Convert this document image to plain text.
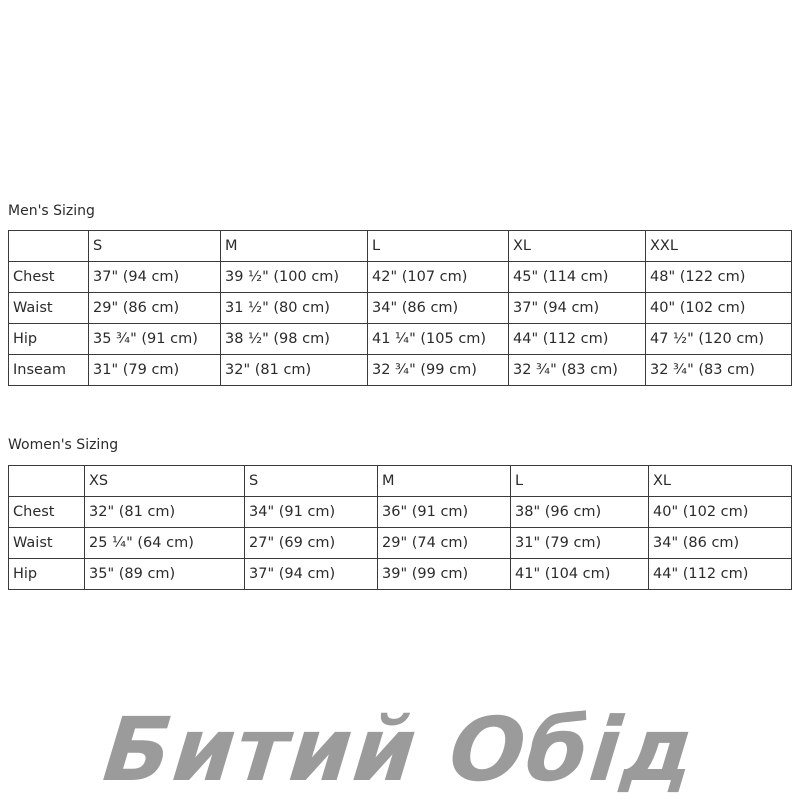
Men's Sizing
	S	M	L	XL	XXL
Chest	37" (94 cm)	39 ½" (100 cm)	42" (107 cm)	45" (114 cm)	48" (122 cm)
Waist	29" (86 cm)	31 ½" (80 cm)	34" (86 cm)	37" (94 cm)	40" (102 cm)
Hip	35 ¾" (91 cm)	38 ½" (98 cm)	41 ¼" (105 cm)	44" (112 cm)	47 ½" (120 cm)
Inseam	31" (79 cm)	32" (81 cm)	32 ¾" (99 cm)	32 ¾" (83 cm)	32 ¾" (83 cm)
Women's Sizing
	XS	S	M	L	XL
Chest	32" (81 cm)	34" (91 cm)	36" (91 cm)	38" (96 cm)	40" (102 cm)
Waist	25 ¼" (64 cm)	27" (69 cm)	29" (74 cm)	31" (79 cm)	34" (86 cm)
Hip	35" (89 cm)	37" (94 cm)	39" (99 cm)	41" (104 cm)	44" (112 cm)
Битий Обід
